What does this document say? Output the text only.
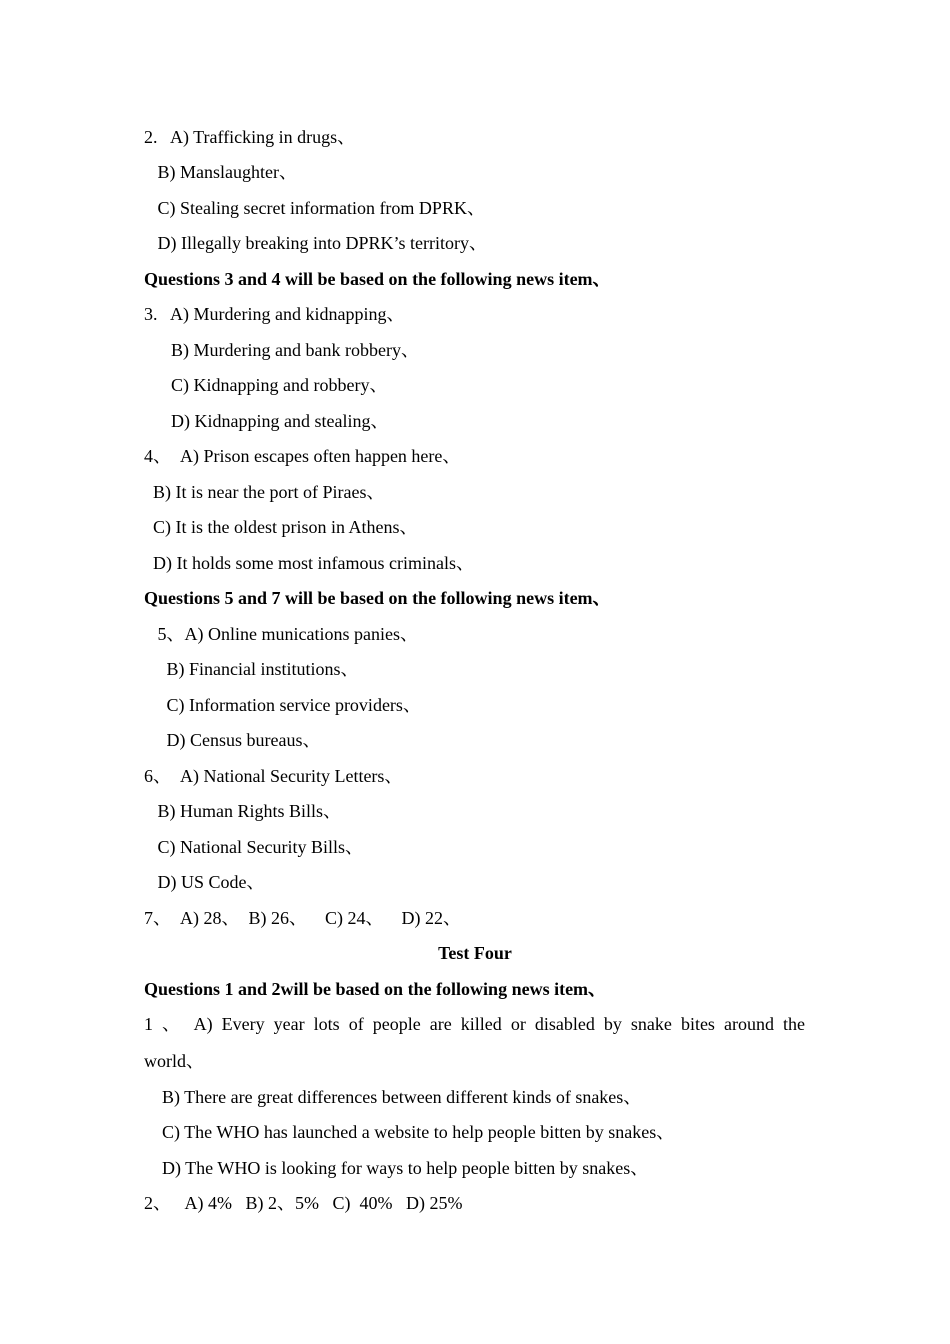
2.   A) Trafficking in drugs、
B) Manslaughter、
C) Stealing secret information from DPRK、
D) Illegally breaking into DPRK’s territory、
Questions 3 and 4 will be based on the following news item、
3.   A) Murdering and kidnapping、
B) Murdering and bank robbery、
C) Kidnapping and robbery、
D) Kidnapping and stealing、
4、  A) Prison escapes often happen here、
B) It is near the port of Piraes、
C) It is the oldest prison in Athens、
D) It holds some most infamous criminals、
Questions 5 and 7 will be based on the following news item、
5、A) Online munications panies、
B) Financial institutions、
C) Information service providers、
D) Census bureaus、
6、  A) National Security Letters、
B) Human Rights Bills、
C) National Security Bills、
D) US Code、
7、  A) 28、  B) 26、    C) 24、    D) 22、
Test Four
Questions 1 and 2will be based on the following news item、
1 、 A) Every year lots of people are killed or disabled by snake bites around the
world、
B) There are great differences between different kinds of snakes、
C) The WHO has launched a website to help people bitten by snakes、
D) The WHO is looking for ways to help people bitten by snakes、
2、   A) 4%   B) 2、5%   C)  40%   D) 25%
